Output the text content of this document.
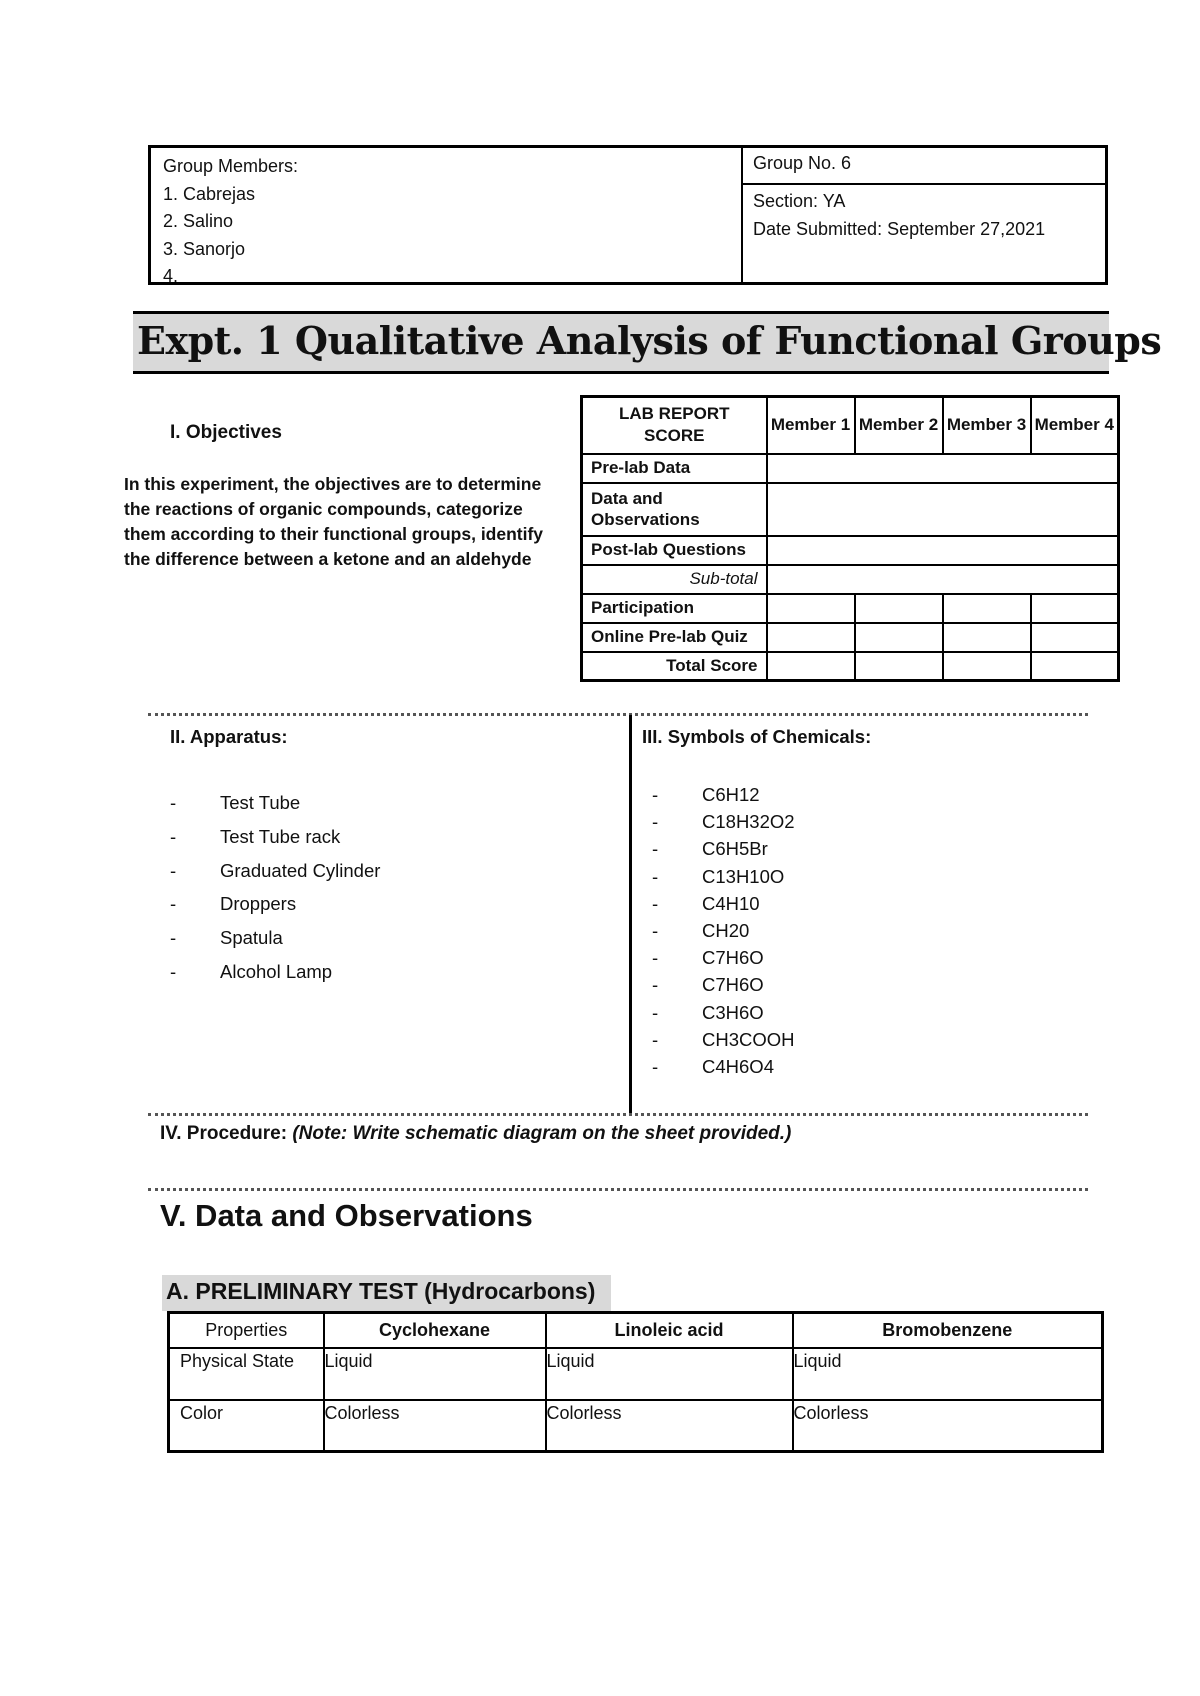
Group Members:
1. Cabrejas
2. Salino
3. Sanorjo
4.
Group No. 6
Section: YA
Date Submitted: September 27,2021
Expt. 1 Qualitative Analysis of Functional Groups
I. Objectives
In this experiment, the objectives are to determine
the reactions of organic compounds, categorize
them according to their functional groups, identify
the difference between a ketone and an aldehyde
LAB REPORT SCORE	Member 1	Member 2	Member 3	Member 4
Pre-lab Data				
Data and Observations				
Post-lab Questions				
Sub-total				
Participation				
Online Pre-lab Quiz				
Total Score				
II. Apparatus:
- Test Tube
- Test Tube rack
- Graduated Cylinder
- Droppers
- Spatula
- Alcohol Lamp
III. Symbols of Chemicals:
- C6H12
- C18H32O2
- C6H5Br
- C13H10O
- C4H10
- CH20
- C7H6O
- C7H6O
- C3H6O
- CH3COOH
- C4H6O4
IV. Procedure: (Note: Write schematic diagram on the sheet provided.)
V. Data and Observations
A. PRELIMINARY TEST (Hydrocarbons)
Properties	Cyclohexane	Linoleic acid	Bromobenzene
Physical State	Liquid	Liquid	Liquid
Color	Colorless	Colorless	Colorless
